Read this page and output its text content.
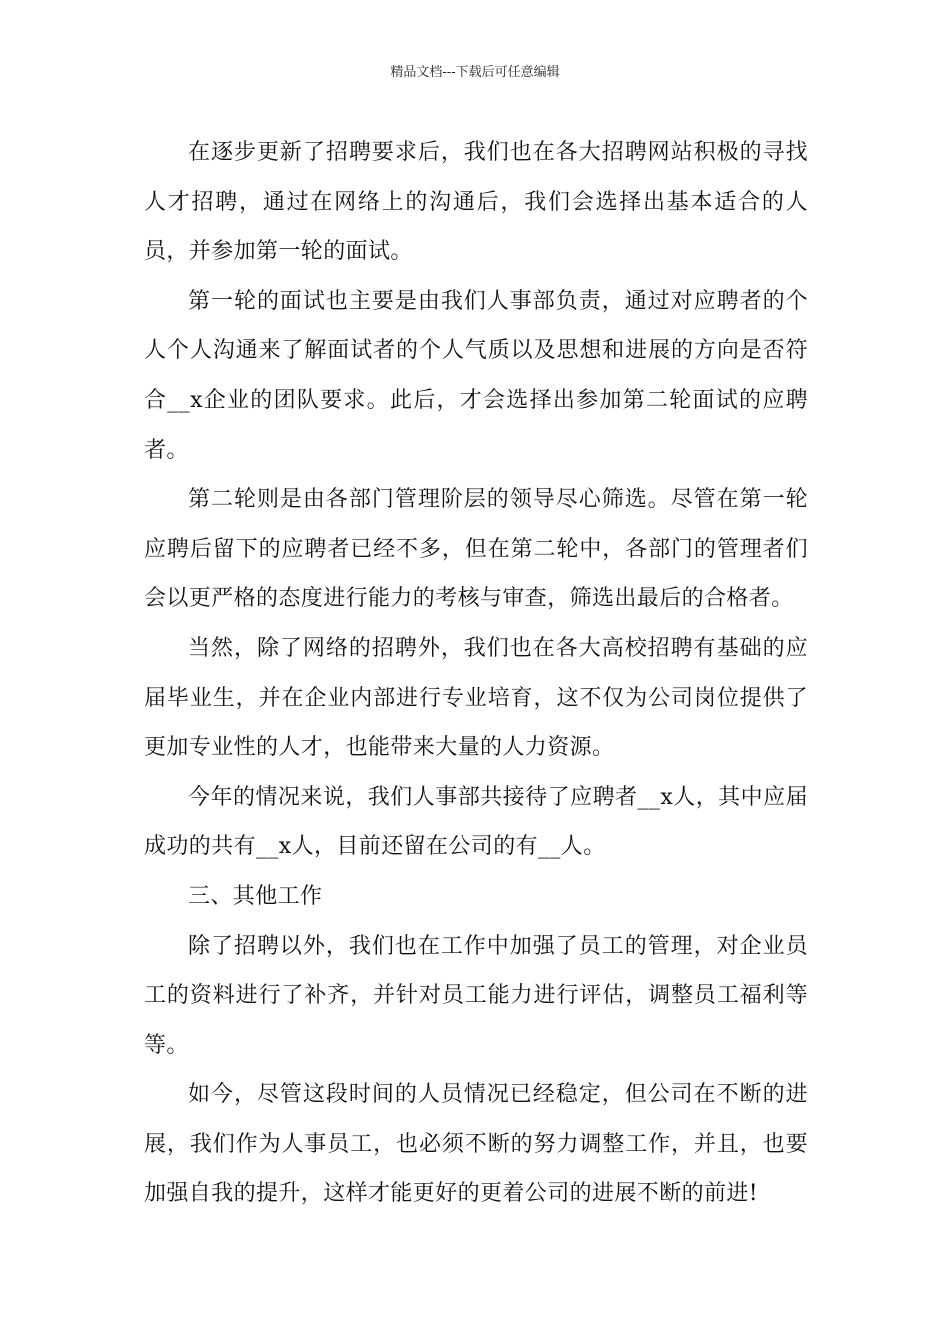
精品文档---下载后可任意编辑

在逐步更新了招聘要求后，我们也在各大招聘网站积极的寻找人才招聘，通过在网络上的沟通后，我们会选择出基本适合的人员，并参加第一轮的面试。

第一轮的面试也主要是由我们人事部负责，通过对应聘者的个人个人沟通来了解面试者的个人气质以及思想和进展的方向是否符合__x企业的团队要求。此后，才会选择出参加第二轮面试的应聘者。

第二轮则是由各部门管理阶层的领导尽心筛选。尽管在第一轮应聘后留下的应聘者已经不多，但在第二轮中，各部门的管理者们会以更严格的态度进行能力的考核与审查，筛选出最后的合格者。

当然，除了网络的招聘外，我们也在各大高校招聘有基础的应届毕业生，并在企业内部进行专业培育，这不仅为公司岗位提供了更加专业性的人才，也能带来大量的人力资源。

今年的情况来说，我们人事部共接待了应聘者__x人，其中应届成功的共有__x人，目前还留在公司的有__人。

三、其他工作

除了招聘以外，我们也在工作中加强了员工的管理，对企业员工的资料进行了补齐，并针对员工能力进行评估，调整员工福利等等。

如今，尽管这段时间的人员情况已经稳定，但公司在不断的进展，我们作为人事员工，也必须不断的努力调整工作，并且，也要加强自我的提升，这样才能更好的更着公司的进展不断的前进!
